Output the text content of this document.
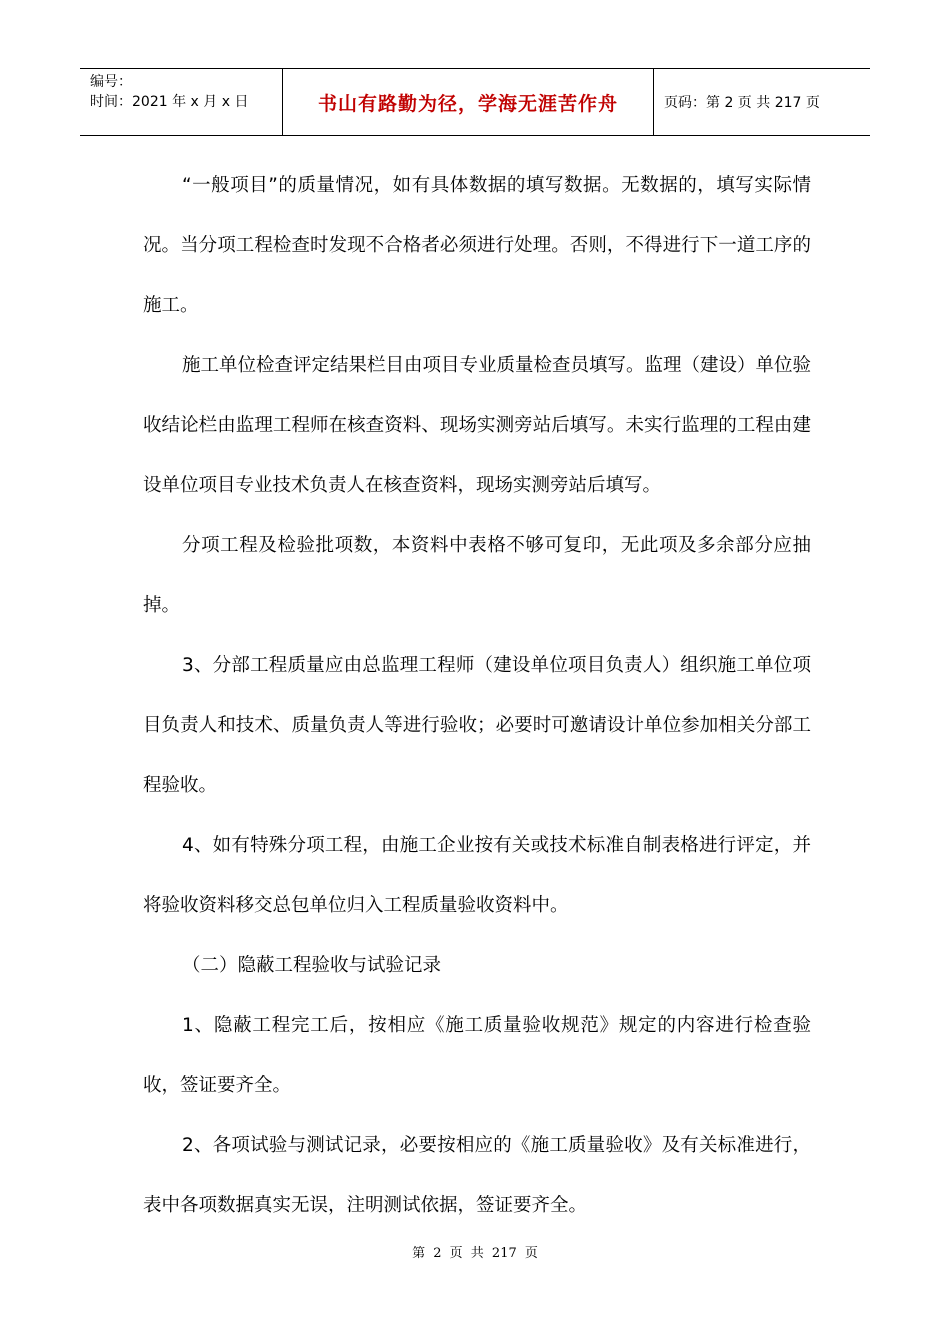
编号：
时间：2021 年 x 月 x 日	书山有路勤为径，学海无涯苦作舟	页码：第 2 页 共 217 页

“一般项目”的质量情况，如有具体数据的填写数据。无数据的，填写实际情况。当分项工程检查时发现不合格者必须进行处理。否则，不得进行下一道工序的施工。

施工单位检查评定结果栏目由项目专业质量检查员填写。监理（建设）单位验收结论栏由监理工程师在核查资料、现场实测旁站后填写。未实行监理的工程由建设单位项目专业技术负责人在核查资料，现场实测旁站后填写。

分项工程及检验批项数，本资料中表格不够可复印，无此项及多余部分应抽掉。

3、分部工程质量应由总监理工程师（建设单位项目负责人）组织施工单位项目负责人和技术、质量负责人等进行验收；必要时可邀请设计单位参加相关分部工程验收。

4、如有特殊分项工程，由施工企业按有关或技术标准自制表格进行评定，并将验收资料移交总包单位归入工程质量验收资料中。

（二）隐蔽工程验收与试验记录

1、隐蔽工程完工后，按相应《施工质量验收规范》规定的内容进行检查验收，签证要齐全。

2、各项试验与测试记录，必要按相应的《施工质量验收》及有关标准进行，表中各项数据真实无误，注明测试依据，签证要齐全。

第 2 页 共 217 页
